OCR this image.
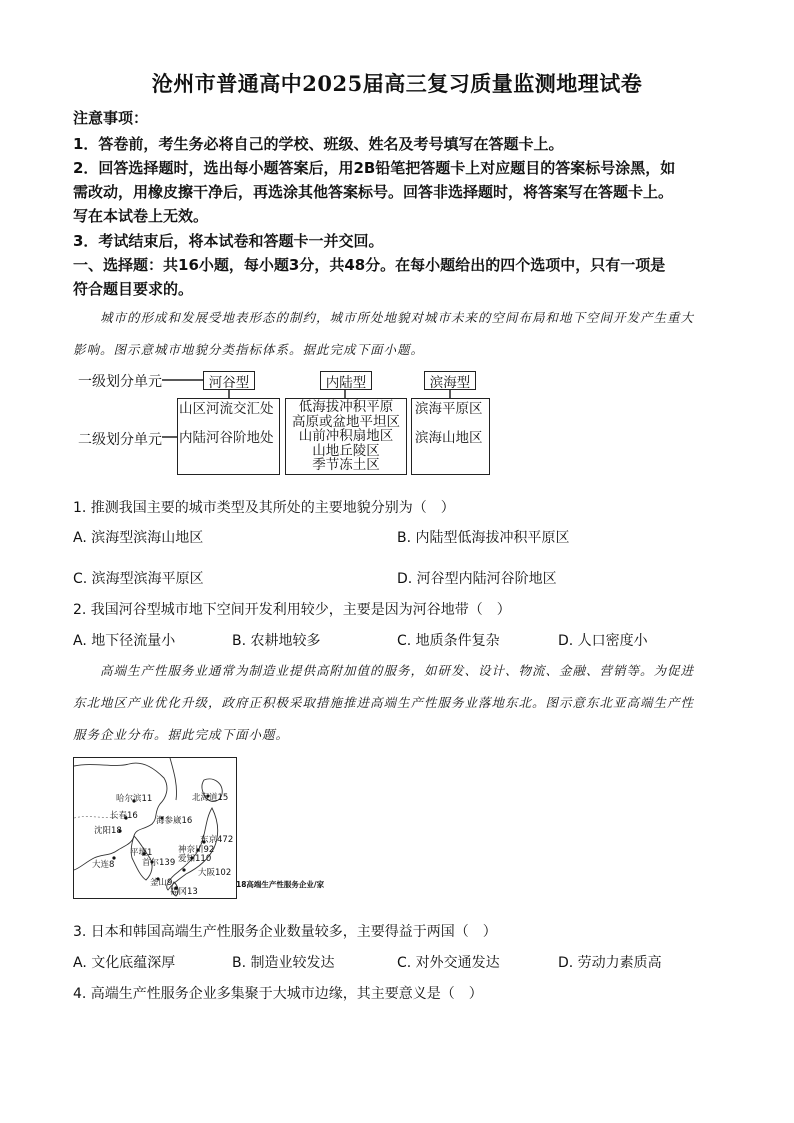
沧州市普通高中2025届高三复习质量监测地理试卷
注意事项：
1．答卷前，考生务必将自己的学校、班级、姓名及考号填写在答题卡上。
2．回答选择题时，选出每小题答案后，用2B铅笔把答题卡上对应题目的答案标号涂黑，如
需改动，用橡皮擦干净后，再选涂其他答案标号。回答非选择题时，将答案写在答题卡上。
写在本试卷上无效。
3．考试结束后，将本试卷和答题卡一并交回。
一、选择题：共16小题，每小题3分，共48分。在每小题给出的四个选项中，只有一项是
符合题目要求的。
城市的形成和发展受地表形态的制约，城市所处地貌对城市未来的空间布局和地下空间开发产生重大
影响。图示意城市地貌分类指标体系。据此完成下面小题。
一级划分单元
二级划分单元
河谷型	内陆型	滨海型
山区河流交汇处
内陆河谷阶地处
低海拔冲积平原
高原或盆地平坦区
山前冲积扇地区
山地丘陵区
季节冻土区
滨海平原区
滨海山地区
1. 推测我国主要的城市类型及其所处的主要地貌分别为（　）
A. 滨海型滨海山地区	B. 内陆型低海拔冲积平原区
C. 滨海型滨海平原区	D. 河谷型内陆河谷阶地区
2. 我国河谷型城市地下空间开发利用较少，主要是因为河谷地带（　）
A. 地下径流量小	B. 农耕地较多	C. 地质条件复杂	D. 人口密度小
高端生产性服务业通常为制造业提供高附加值的服务，如研发、设计、物流、金融、营销等。为促进
东北地区产业优化升级，政府正积极采取措施推进高端生产性服务业落地东北。图示意东北亚高端生产性
服务企业分布。据此完成下面小题。
哈尔滨11	北海道15
长春16 海参崴16
沈阳18
东京472
神奈川92
平壤1
爱知110
大连8	首尔139
大阪102
釜山9
福冈13
18高端生产性服务企业/家
3. 日本和韩国高端生产性服务企业数量较多，主要得益于两国（　）
A. 文化底蕴深厚	B. 制造业较发达	C. 对外交通发达	D. 劳动力素质高
4. 高端生产性服务企业多集聚于大城市边缘，其主要意义是（　）
